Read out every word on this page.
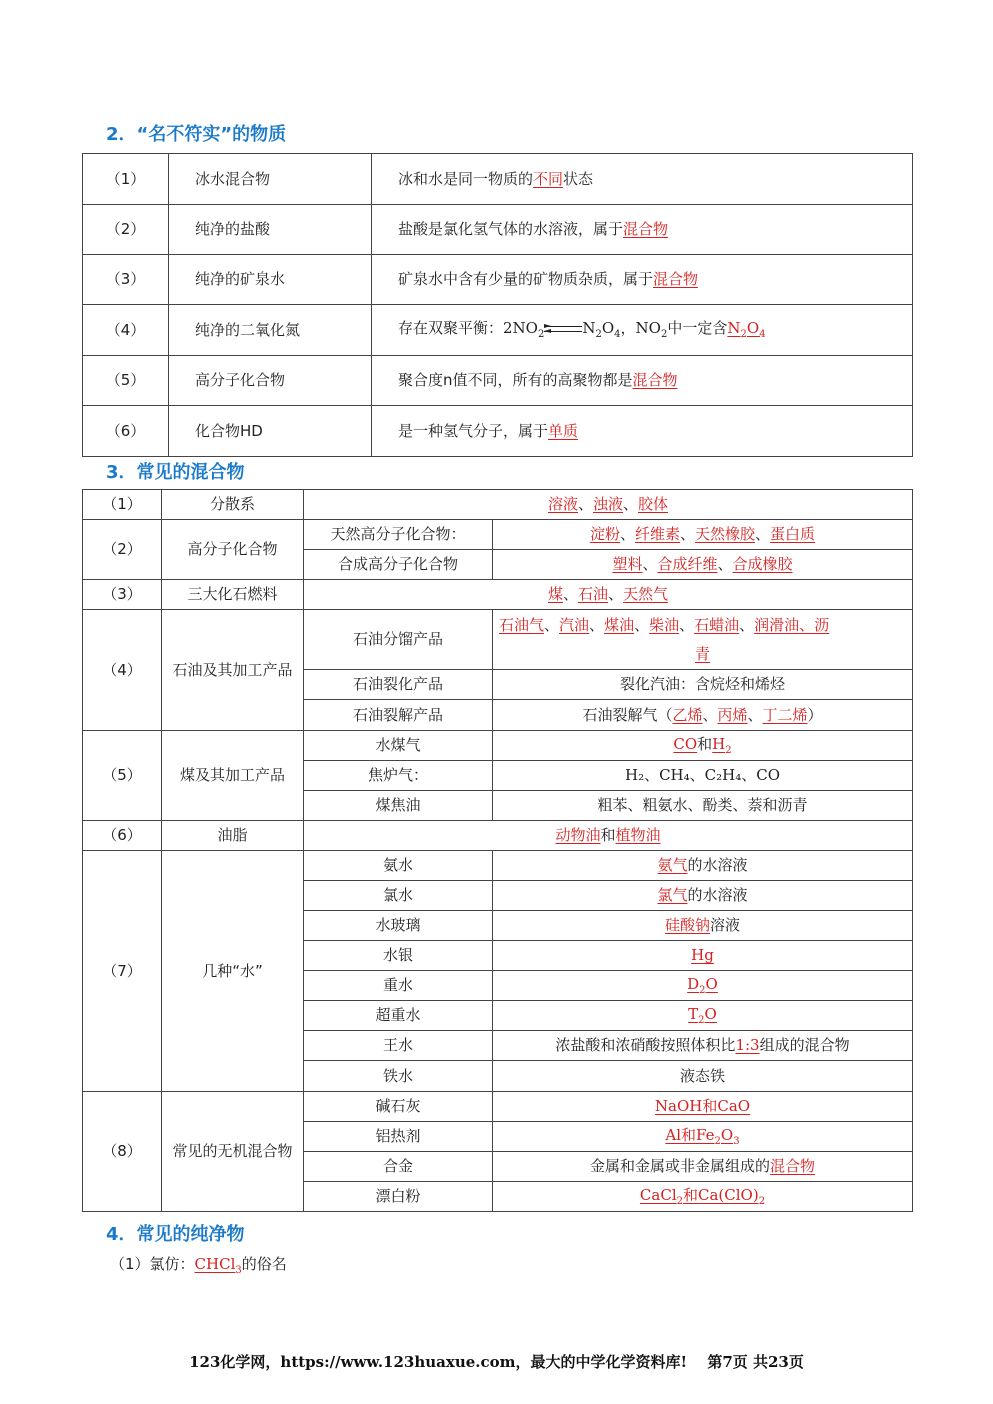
2．“名不符实”的物质
（1）	冰水混合物	冰和水是同一物质的不同状态
（2）	纯净的盐酸	盐酸是氯化氢气体的水溶液，属于混合物
（3）	纯净的矿泉水	矿泉水中含有少量的矿物质杂质，属于混合物
（4）	纯净的二氧化氮	存在双聚平衡：$2NO_2$ $N_2O_4$，$NO_2$中一定含$N_2O_4$
（5）	高分子化合物	聚合度n值不同，所有的高聚物都是混合物
（6）	化合物HD	是一种氢气分子，属于单质
3．常见的混合物
（1）	分散系	溶液、浊液、胶体	
（2）	高分子化合物	天然高分子化合物：	淀粉、纤维素、天然橡胶、蛋白质
		合成高分子化合物	塑料、合成纤维、合成橡胶
（3）	三大化石燃料	煤、石油、天然气	
（4）	石油及其加工产品	石油分馏产品	石油气、汽油、煤油、柴油、石蜡油、润滑油、沥

青

		石油裂化产品	裂化汽油：含烷烃和烯烃
		石油裂解产品	石油裂解气（乙烯、丙烯、丁二烯）
（5）	煤及其加工产品	水煤气	CO和$H_2$
		焦炉气：	H₂、CH₄、C₂H₄、CO
		煤焦油	粗苯、粗氨水、酚类、萘和沥青
（6）	油脂	动物油和植物油	
（7）	几种“水”	氨水	氨气的水溶液
		氯水	氯气的水溶液
		水玻璃	硅酸钠溶液
		水银	Hg
		重水	$D_2O$
		超重水	$T_2O$
		王水	浓盐酸和浓硝酸按照体积比1:3组成的混合物
		铁水	液态铁
（8）	常见的无机混合物	碱石灰	NaOH和CaO
		铝热剂	Al和$Fe_2O_3$
		合金	金属和金属或非金属组成的混合物
		漂白粉	CaCl$_2$和$Ca(ClO)_2$
4．常见的纯净物
（1）氯仿：CHCl$_3$的俗名
123化学网，https://www.123huaxue.com，最大的中学化学资料库!　 第7页 共23页
